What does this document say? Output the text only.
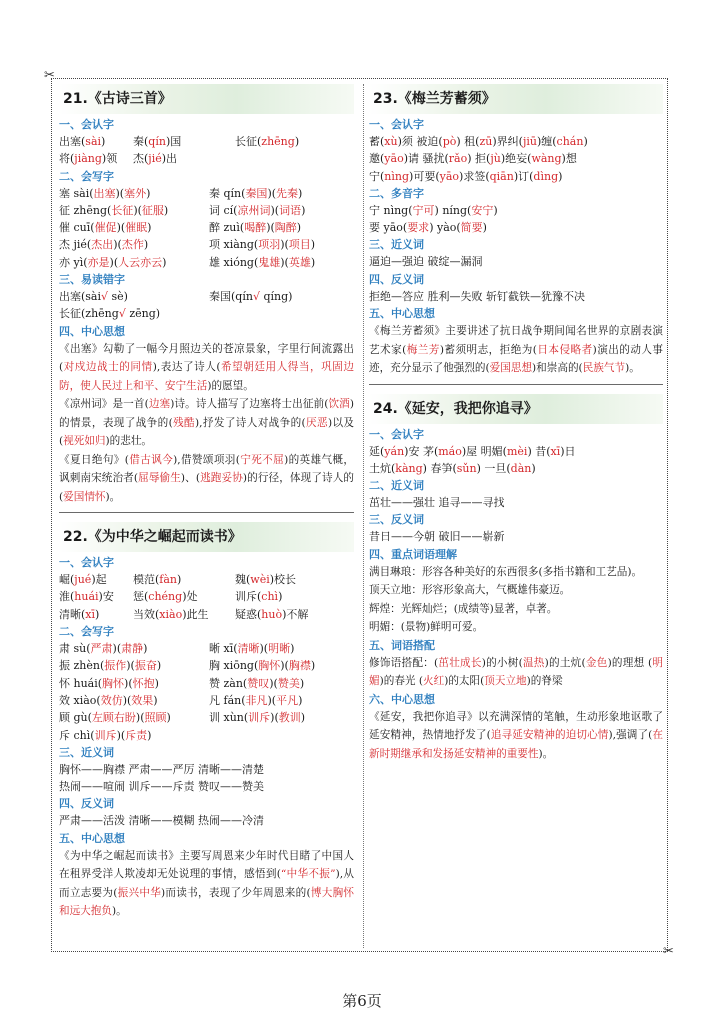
✂
✂
21.《古诗三首》
一、会认字
出塞(sài)	秦(qín)国	长征(zhēng)
将(jiàng)领	杰(jié)出
二、会写字
塞 sài(出塞)(塞外)	秦 qín(秦国)(先秦)
征 zhēng(长征)(征服)	词 cí(凉州词)(词语)
催 cuī(催促)(催眠)	醉 zuì(喝醉)(陶醉)
杰 jié(杰出)(杰作)	项 xiàng(项羽)(项目)
亦 yì(亦是)(人云亦云)	雄 xióng(鬼雄)(英雄)
三、易读错字
出塞(sài√ sè)	秦国(qín√ qíng)
长征(zhēng√ zēng)
四、中心思想
《出塞》勾勒了一幅今月照边关的苍凉景象，字里行间流露出(对戍边战士的同情),表达了诗人(希望朝廷用人得当，巩固边防，使人民过上和平、安宁生活)的愿望。
《凉州词》是一首(边塞)诗。诗人描写了边塞将士出征前(饮酒)的情景，表现了战争的(残酷),抒发了诗人对战争的(厌恶)以及(视死如归)的悲壮。
《夏日绝句》(借古讽今),借赞颂项羽(宁死不屈)的英雄气概，讽刺南宋统治者(屈辱偷生)、(逃跑妥协)的行径，体现了诗人的(爱国情怀)。
22.《为中华之崛起而读书》
一、会认字
崛(jué)起	模范(fàn)	魏(wèi)校长
淮(huái)安	惩(chéng)处	训斥(chì)
清晰(xī)	当效(xiào)此生	疑惑(huò)不解
二、会写字
肃 sù(严肃)(肃静)	晰 xī(清晰)(明晰)
振 zhèn(振作)(振奋)	胸 xiōng(胸怀)(胸襟)
怀 huái(胸怀)(怀抱)	赞 zàn(赞叹)(赞美)
效 xiào(效仿)(效果)	凡 fán(非凡)(平凡)
顾 gù(左顾右盼)(照顾)	训 xùn(训斥)(教训)
斥 chì(训斥)(斥责)
三、近义词
胸怀——胸襟 严肃——严厉 清晰——清楚
热闹——喧闹 训斥——斥责 赞叹——赞美
四、反义词
严肃——活泼 清晰——模糊 热闹——冷清
五、中心思想
《为中华之崛起而读书》主要写周恩来少年时代目睹了中国人在租界受洋人欺凌却无处说理的事情，感悟到(“中华不振”),从而立志要为(振兴中华)而读书，表现了少年周恩来的(博大胸怀和远大抱负)。
23.《梅兰芳蓄须》
一、会认字
蓄(xù)须 被迫(pò) 租(zū)界纠(jiū)缠(chán)
邀(yāo)请 骚扰(rǎo) 拒(jù)绝妄(wàng)想
宁(nìng)可要(yāo)求签(qiān)订(dìng)
二、多音字
宁 nìng(宁可) níng(安宁)
要 yāo(要求) yào(简要)
三、近义词
逼迫—强迫 破绽—漏洞
四、反义词
拒绝—答应 胜利—失败 斩钉截铁—犹豫不决
五、中心思想
《梅兰芳蓄须》主要讲述了抗日战争期间闻名世界的京剧表演艺术家(梅兰芳)蓄须明志，拒绝为(日本侵略者)演出的动人事迹，充分显示了他强烈的(爱国思想)和崇高的(民族气节)。
24.《延安，我把你追寻》
一、会认字
延(yán)安 茅(máo)屋 明媚(mèi) 昔(xī)日
土炕(kàng) 春笋(sǔn) 一旦(dàn)
二、近义词
茁壮——强壮 追寻——寻找
三、反义词
昔日——今朝 破旧——崭新
四、重点词语理解
满目琳琅：形容各种美好的东西很多(多指书籍和工艺品)。
顶天立地：形容形象高大，气概雄伟豪迈。
辉煌：光辉灿烂；(成绩等)显著，卓著。
明媚：(景物)鲜明可爱。
五、词语搭配
修饰语搭配：(茁壮成长)的小树(温热)的土炕(金色)的理想 (明媚)的春光 (火红)的太阳(顶天立地)的脊梁
六、中心思想
《延安，我把你追寻》以充满深情的笔触，生动形象地讴歌了延安精神，热情地抒发了(追寻延安精神的迫切心情),强调了(在新时期继承和发扬延安精神的重要性)。
第6页
